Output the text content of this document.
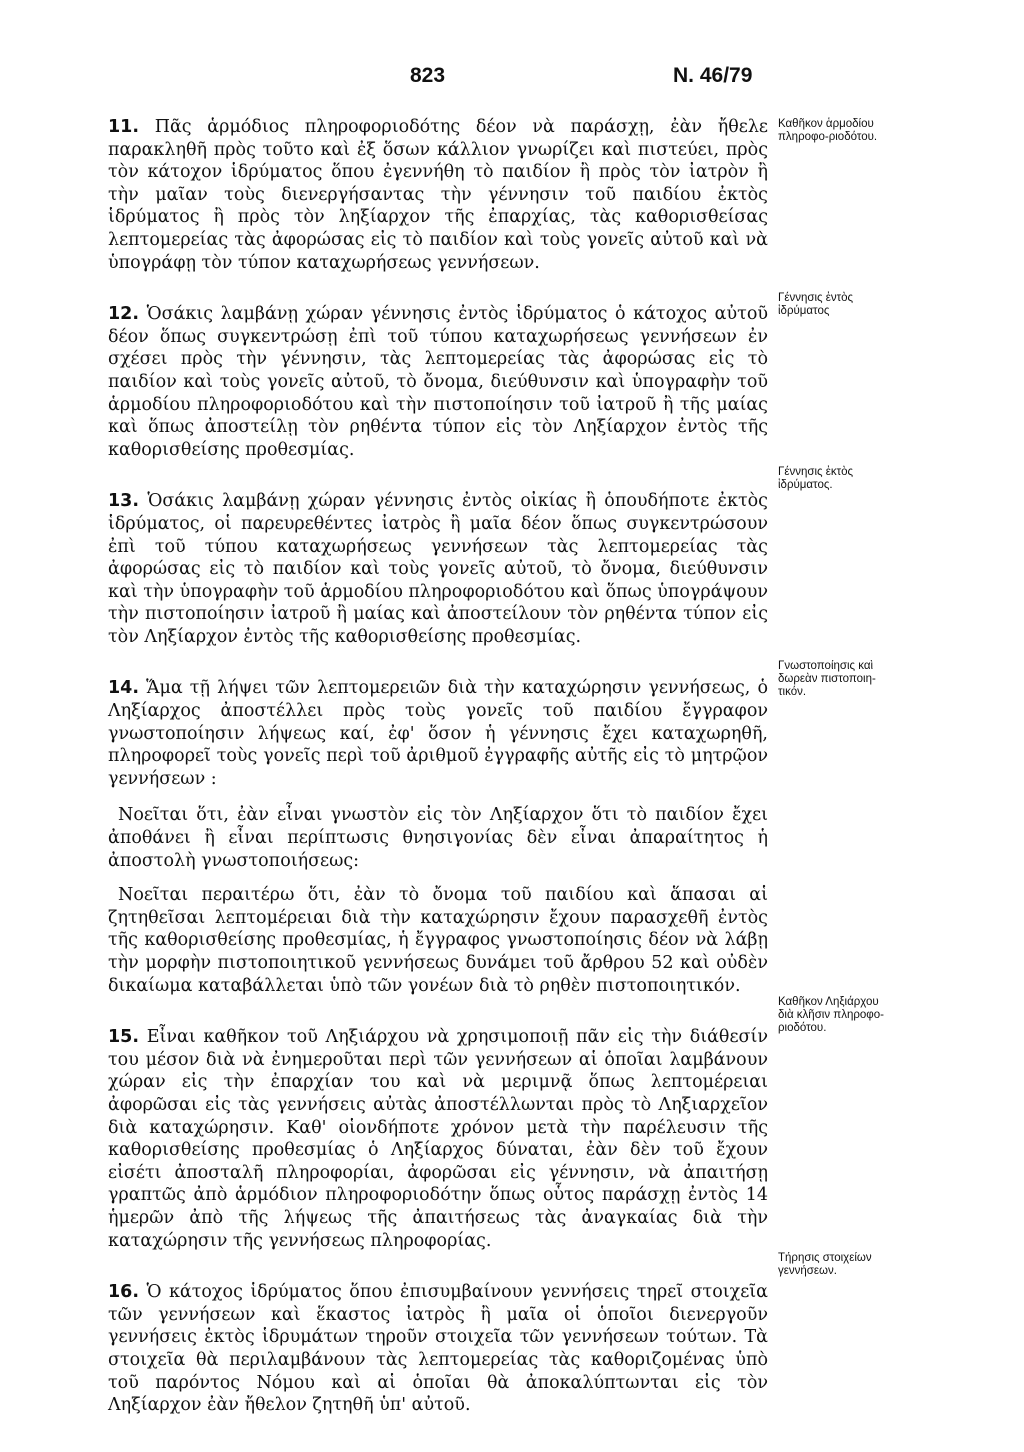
823	N. 46/79

11. Πᾶς ἁρμόδιος πληροφοριοδότης δέον νὰ παράσχῃ, ἐὰν ἤθελε παρακληθῆ πρὸς τοῦτο καὶ ἐξ ὅσων κάλλιον γνωρίζει καὶ πιστεύει, πρὸς τὸν κάτοχον ἱδρύματος ὅπου ἐγεννήθη τὸ παιδίον ἢ πρὸς τὸν ἰατρὸν ἢ τὴν μαῖαν τοὺς διενεργήσαντας τὴν γέννησιν τοῦ παιδίου ἐκτὸς ἱδρύματος ἢ πρὸς τὸν ληξίαρχον τῆς ἐπαρχίας, τὰς καθορισθείσας λεπτομερείας τὰς ἀφορώσας εἰς τὸ παιδίον καὶ τοὺς γονεῖς αὐτοῦ καὶ νὰ ὑπογράφῃ τὸν τύπον καταχωρήσεως γεννήσεων.

12. Ὁσάκις λαμβάνῃ χώραν γέννησις ἐντὸς ἱδρύματος ὁ κάτοχος αὐτοῦ δέον ὅπως συγκεντρώσῃ ἐπὶ τοῦ τύπου καταχωρήσεως γεννήσεων ἐν σχέσει πρὸς τὴν γέννησιν, τὰς λεπτομερείας τὰς ἀφορώσας εἰς τὸ παιδίον καὶ τοὺς γονεῖς αὐτοῦ, τὸ ὄνομα, διεύθυνσιν καὶ ὑπογραφὴν τοῦ ἁρμοδίου πληροφοριοδότου καὶ τὴν πιστοποίησιν τοῦ ἰατροῦ ἢ τῆς μαίας καὶ ὅπως ἀποστείλῃ τὸν ρηθέντα τύπον εἰς τὸν Ληξίαρχον ἐντὸς τῆς καθορισθείσης προθεσμίας.

13. Ὁσάκις λαμβάνῃ χώραν γέννησις ἐντὸς οἰκίας ἢ ὁπουδήποτε ἐκτὸς ἱδρύματος, οἱ παρευρεθέντες ἰατρὸς ἢ μαῖα δέον ὅπως συγκεντρώσουν ἐπὶ τοῦ τύπου καταχωρήσεως γεννήσεων τὰς λεπτομερείας τὰς ἀφορώσας εἰς τὸ παιδίον καὶ τοὺς γονεῖς αὐτοῦ, τὸ ὄνομα, διεύθυνσιν καὶ τὴν ὑπογραφὴν τοῦ ἁρμοδίου πληροφοριοδότου καὶ ὅπως ὑπογράψουν τὴν πιστοποίησιν ἰατροῦ ἢ μαίας καὶ ἀποστείλουν τὸν ρηθέντα τύπον εἰς τὸν Ληξίαρχον ἐντὸς τῆς καθορισθείσης προθεσμίας.

14. Ἅμα τῇ λήψει τῶν λεπτομερειῶν διὰ τὴν καταχώρησιν γεννήσεως, ὁ Ληξίαρχος ἀποστέλλει πρὸς τοὺς γονεῖς τοῦ παιδίου ἔγγραφον γνωστοποίησιν λήψεως καί, ἐφ' ὅσον ἡ γέννησις ἔχει καταχωρηθῆ, πληροφορεῖ τοὺς γονεῖς περὶ τοῦ ἀριθμοῦ ἐγγραφῆς αὐτῆς εἰς τὸ μητρῷον γεννήσεων :

Νοεῖται ὅτι, ἐὰν εἶναι γνωστὸν εἰς τὸν Ληξίαρχον ὅτι τὸ παιδίον ἔχει ἀποθάνει ἢ εἶναι περίπτωσις θνησιγονίας δὲν εἶναι ἀπαραίτητος ἡ ἀποστολὴ γνωστοποιήσεως:

Νοεῖται περαιτέρω ὅτι, ἐὰν τὸ ὄνομα τοῦ παιδίου καὶ ἅπασαι αἱ ζητηθεῖσαι λεπτομέρειαι διὰ τὴν καταχώρησιν ἔχουν παρασχεθῆ ἐντὸς τῆς καθορισθείσης προθεσμίας, ἡ ἔγγραφος γνωστοποίησις δέον νὰ λάβῃ τὴν μορφὴν πιστοποιητικοῦ γεννήσεως δυνάμει τοῦ ἄρθρου 52 καὶ οὐδὲν δικαίωμα καταβάλλεται ὑπὸ τῶν γονέων διὰ τὸ ρηθὲν πιστοποιητικόν.

15. Εἶναι καθῆκον τοῦ Ληξιάρχου νὰ χρησιμοποιῇ πᾶν εἰς τὴν διάθεσίν του μέσον διὰ νὰ ἐνημεροῦται περὶ τῶν γεννήσεων αἱ ὁποῖαι λαμβάνουν χώραν εἰς τὴν ἐπαρχίαν του καὶ νὰ μεριμνᾷ ὅπως λεπτομέρειαι ἀφορῶσαι εἰς τὰς γεννήσεις αὐτὰς ἀποστέλλωνται πρὸς τὸ Ληξιαρχεῖον διὰ καταχώρησιν. Καθ' οἱονδήποτε χρόνον μετὰ τὴν παρέλευσιν τῆς καθορισθείσης προθεσμίας ὁ Ληξίαρχος δύναται, ἐὰν δὲν τοῦ ἔχουν εἰσέτι ἀποσταλῆ πληροφορίαι, ἀφορῶσαι εἰς γέννησιν, νὰ ἀπαιτήσῃ γραπτῶς ἀπὸ ἁρμόδιον πληροφοριοδότην ὅπως οὗτος παράσχῃ ἐντὸς 14 ἡμερῶν ἀπὸ τῆς λήψεως τῆς ἀπαιτήσεως τὰς ἀναγκαίας διὰ τὴν καταχώρησιν τῆς γεννήσεως πληροφορίας.

16. Ὁ κάτοχος ἱδρύματος ὅπου ἐπισυμβαίνουν γεννήσεις τηρεῖ στοιχεῖα τῶν γεννήσεων καὶ ἕκαστος ἰατρὸς ἢ μαῖα οἱ ὁποῖοι διενεργοῦν γεννήσεις ἐκτὸς ἱδρυμάτων τηροῦν στοιχεῖα τῶν γεννήσεων τούτων. Τὰ στοιχεῖα θὰ περιλαμβάνουν τὰς λεπτομερείας τὰς καθοριζομένας ὑπὸ τοῦ παρόντος Νόμου καὶ αἱ ὁποῖαι θὰ ἀποκαλύπτωνται εἰς τὸν Ληξίαρχον ἐὰν ἤθελον ζητηθῆ ὑπ' αὐτοῦ.

Καθῆκον ἁρμοδίου πληροφο-ριοδότου.
Γέννησις ἐντὸς ἱδρύματος
Γέννησις ἐκτὸς ἱδρύματος.
Γνωστοποίησις καὶ δωρεὰν πιστοποιη-τικόν.
Καθῆκον Ληξιάρχου διὰ κλῆσιν πληροφο-ριοδότου.
Τήρησις στοιχείων γεννήσεων.
